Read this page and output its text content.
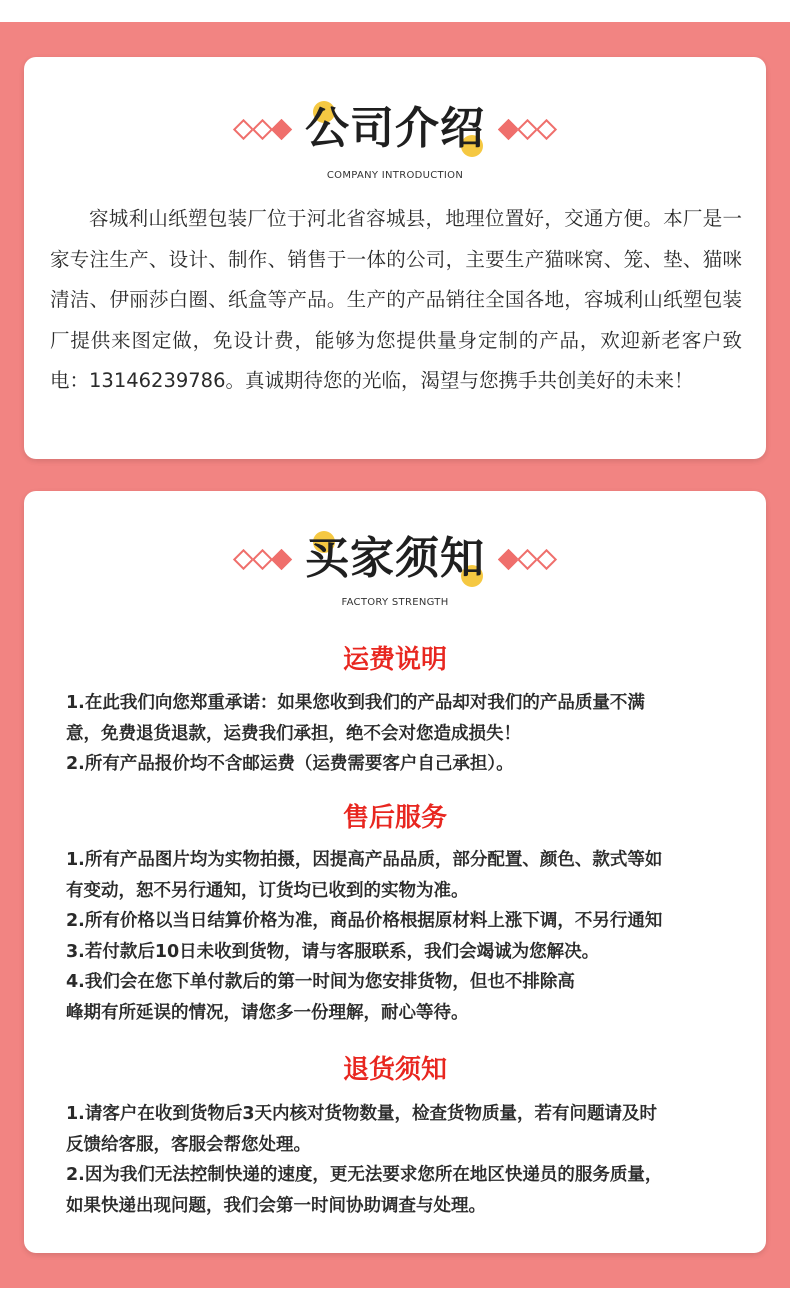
公司介绍
COMPANY INTRODUCTION

容城利山纸塑包装厂位于河北省容城县，地理位置好，交通方便。本厂是一家专注生产、设计、制作、销售于一体的公司，主要生产猫咪窝、笼、垫、猫咪清洁、伊丽莎白圈、纸盒等产品。生产的产品销往全国各地，容城利山纸塑包装厂提供来图定做，免设计费，能够为您提供量身定制的产品，欢迎新老客户致电：13146239786。真诚期待您的光临，渴望与您携手共创美好的未来！

买家须知
FACTORY STRENGTH
运费说明
1.在此我们向您郑重承诺：如果您收到我们的产品却对我们的产品质量不满
意，免费退货退款，运费我们承担，绝不会对您造成损失！
2.所有产品报价均不含邮运费（运费需要客户自己承担）。
售后服务
1.所有产品图片均为实物拍摄，因提高产品品质，部分配置、颜色、款式等如
有变动，恕不另行通知，订货均已收到的实物为准。
2.所有价格以当日结算价格为准，商品价格根据原材料上涨下调，不另行通知
3.若付款后10日未收到货物，请与客服联系，我们会竭诚为您解决。
4.我们会在您下单付款后的第一时间为您安排货物，但也不排除高
峰期有所延误的情况，请您多一份理解，耐心等待。
退货须知
1.请客户在收到货物后3天内核对货物数量，检查货物质量，若有问题请及时
反馈给客服，客服会帮您处理。
2.因为我们无法控制快递的速度，更无法要求您所在地区快递员的服务质量，
如果快递出现问题，我们会第一时间协助调查与处理。
